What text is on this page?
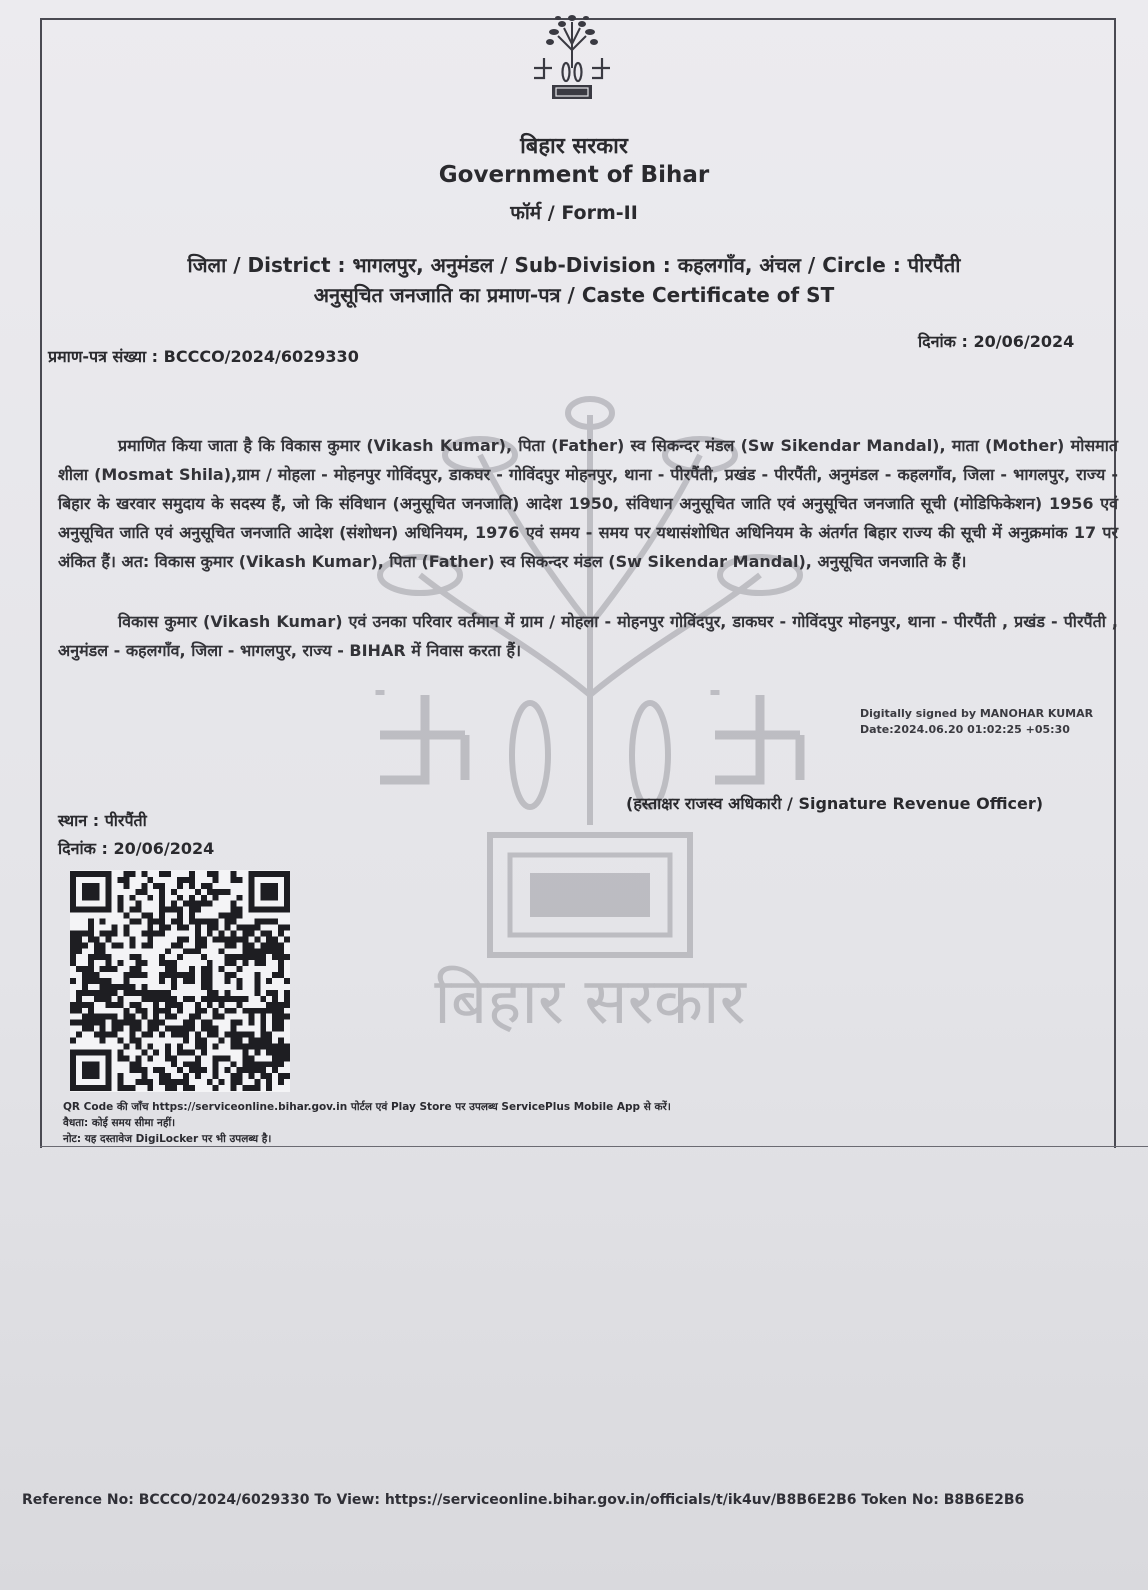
बिहार सरकार
बिहार सरकार
Government of Bihar
फॉर्म / Form-II
जिला / District : भागलपुर, अनुमंडल / Sub-Division : कहलगाँव, अंचल / Circle : पीरपैंती
अनुसूचित जनजाति का प्रमाण-पत्र / Caste Certificate of ST
प्रमाण-पत्र संख्या : BCCCO/2024/6029330
दिनांक : 20/06/2024

प्रमाणित किया जाता है कि विकास कुमार (Vikash Kumar), पिता (Father) स्व सिकन्दर मंडल (Sw Sikendar Mandal), माता (Mother) मोसमात शीला (Mosmat Shila),ग्राम / मोहला - मोहनपुर गोविंदपुर, डाकघर - गोविंदपुर मोहनपुर, थाना - पीरपैंती, प्रखंड - पीरपैंती, अनुमंडल - कहलगाँव, जिला - भागलपुर, राज्य - बिहार के खरवार समुदाय के सदस्य हैं, जो कि संविधान (अनुसूचित जनजाति) आदेश 1950, संविधान अनुसूचित जाति एवं अनुसूचित जनजाति सूची (मोडिफिकेशन) 1956 एवं अनुसूचित जाति एवं अनुसूचित जनजाति आदेश (संशोधन) अधिनियम, 1976 एवं समय - समय पर यथासंशोधित अधिनियम के अंतर्गत बिहार राज्य की सूची में अनुक्रमांक 17 पर अंकित हैं। अत: विकास कुमार (Vikash Kumar), पिता (Father) स्व सिकन्दर मंडल (Sw Sikendar Mandal), अनुसूचित जनजाति के हैं।

विकास कुमार (Vikash Kumar) एवं उनका परिवार वर्तमान में ग्राम / मोहला - मोहनपुर गोविंदपुर, डाकघर - गोविंदपुर मोहनपुर, थाना - पीरपैंती , प्रखंड - पीरपैंती , अनुमंडल - कहलगाँव, जिला - भागलपुर, राज्य - BIHAR में निवास करता हैं।

Digitally signed by MANOHAR KUMAR
Date:2024.06.20 01:02:25 +05:30
(हस्ताक्षर राजस्व अधिकारी / Signature Revenue Officer)
स्थान : पीरपैंती
दिनांक : 20/06/2024
QR Code की जाँच https://serviceonline.bihar.gov.in पोर्टल एवं Play Store पर उपलब्ध ServicePlus Mobile App से करें।
वैधता: कोई समय सीमा नहीं।
नोट: यह दस्तावेज DigiLocker पर भी उपलब्ध है।
Reference No: BCCCO/2024/6029330 To View: https://serviceonline.bihar.gov.in/officials/t/ik4uv/B8B6E2B6 Token No: B8B6E2B6
